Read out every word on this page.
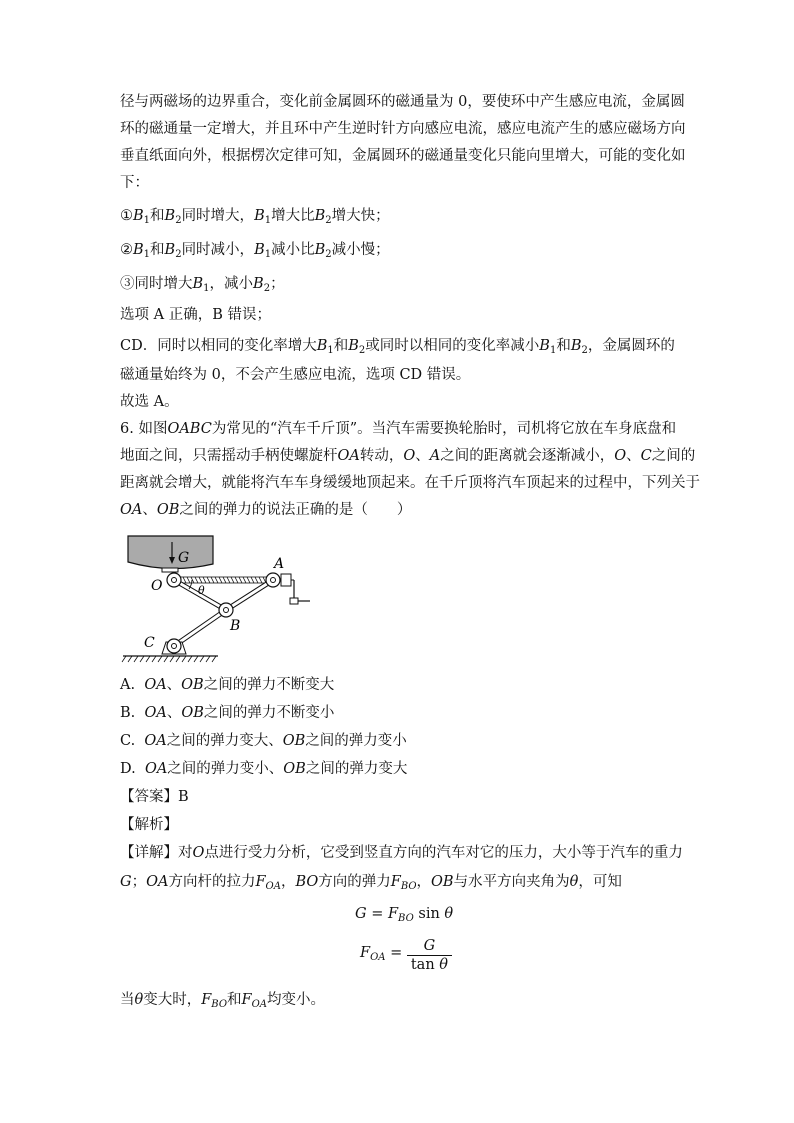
径与两磁场的边界重合，变化前金属圆环的磁通量为 0，要使环中产生感应电流，金属圆
环的磁通量一定增大，并且环中产生逆时针方向感应电流，感应电流产生的感应磁场方向
垂直纸面向外，根据楞次定律可知，金属圆环的磁通量变化只能向里增大，可能的变化如
下：
$①B_1$和$B_2$同时增大，$B_1$增大比$B_2$增大快；
$②B_1$和$B_2$同时减小，$B_1$减小比$B_2$减小慢；
③同时增大$B_1$，减小$B_2$；
选项 A 正确，B 错误；
CD．同时以相同的变化率增大$B_1$和$B_2$或同时以相同的变化率减小$B_1$和$B_2$，金属圆环的
磁通量始终为 0，不会产生感应电流，选项 CD 错误。
故选 A。
6. 如图OABC为常见的“汽车千斤顶”。当汽车需要换轮胎时，司机将它放在车身底盘和
地面之间，只需摇动手柄使螺旋杆OA转动，O、A之间的距离就会逐渐减小，O、C之间的
距离就会增大，就能将汽车车身缓缓地顶起来。在千斤顶将汽车顶起来的过程中，下列关于
OA、OB之间的弹力的说法正确的是（　　）
G
θ
O
A
B
C
A. OA、OB之间的弹力不断变大
B. OA、OB之间的弹力不断变小
C. OA之间的弹力变大、OB之间的弹力变小
D. OA之间的弹力变小、OB之间的弹力变大
【答案】B
【解析】
【详解】对O点进行受力分析，它受到竖直方向的汽车对它的压力，大小等于汽车的重力
G；OA方向杆的拉力$F_{OA}$，BO方向的弹力$F_{BO}$，OB与水平方向夹角为θ，可知
$G = F_{BO}$ sin θ
$F_{OA} = \frac{G}{\text{tan θ}}$
当θ变大时，$F_{BO}$和$F_{OA}$均变小。
